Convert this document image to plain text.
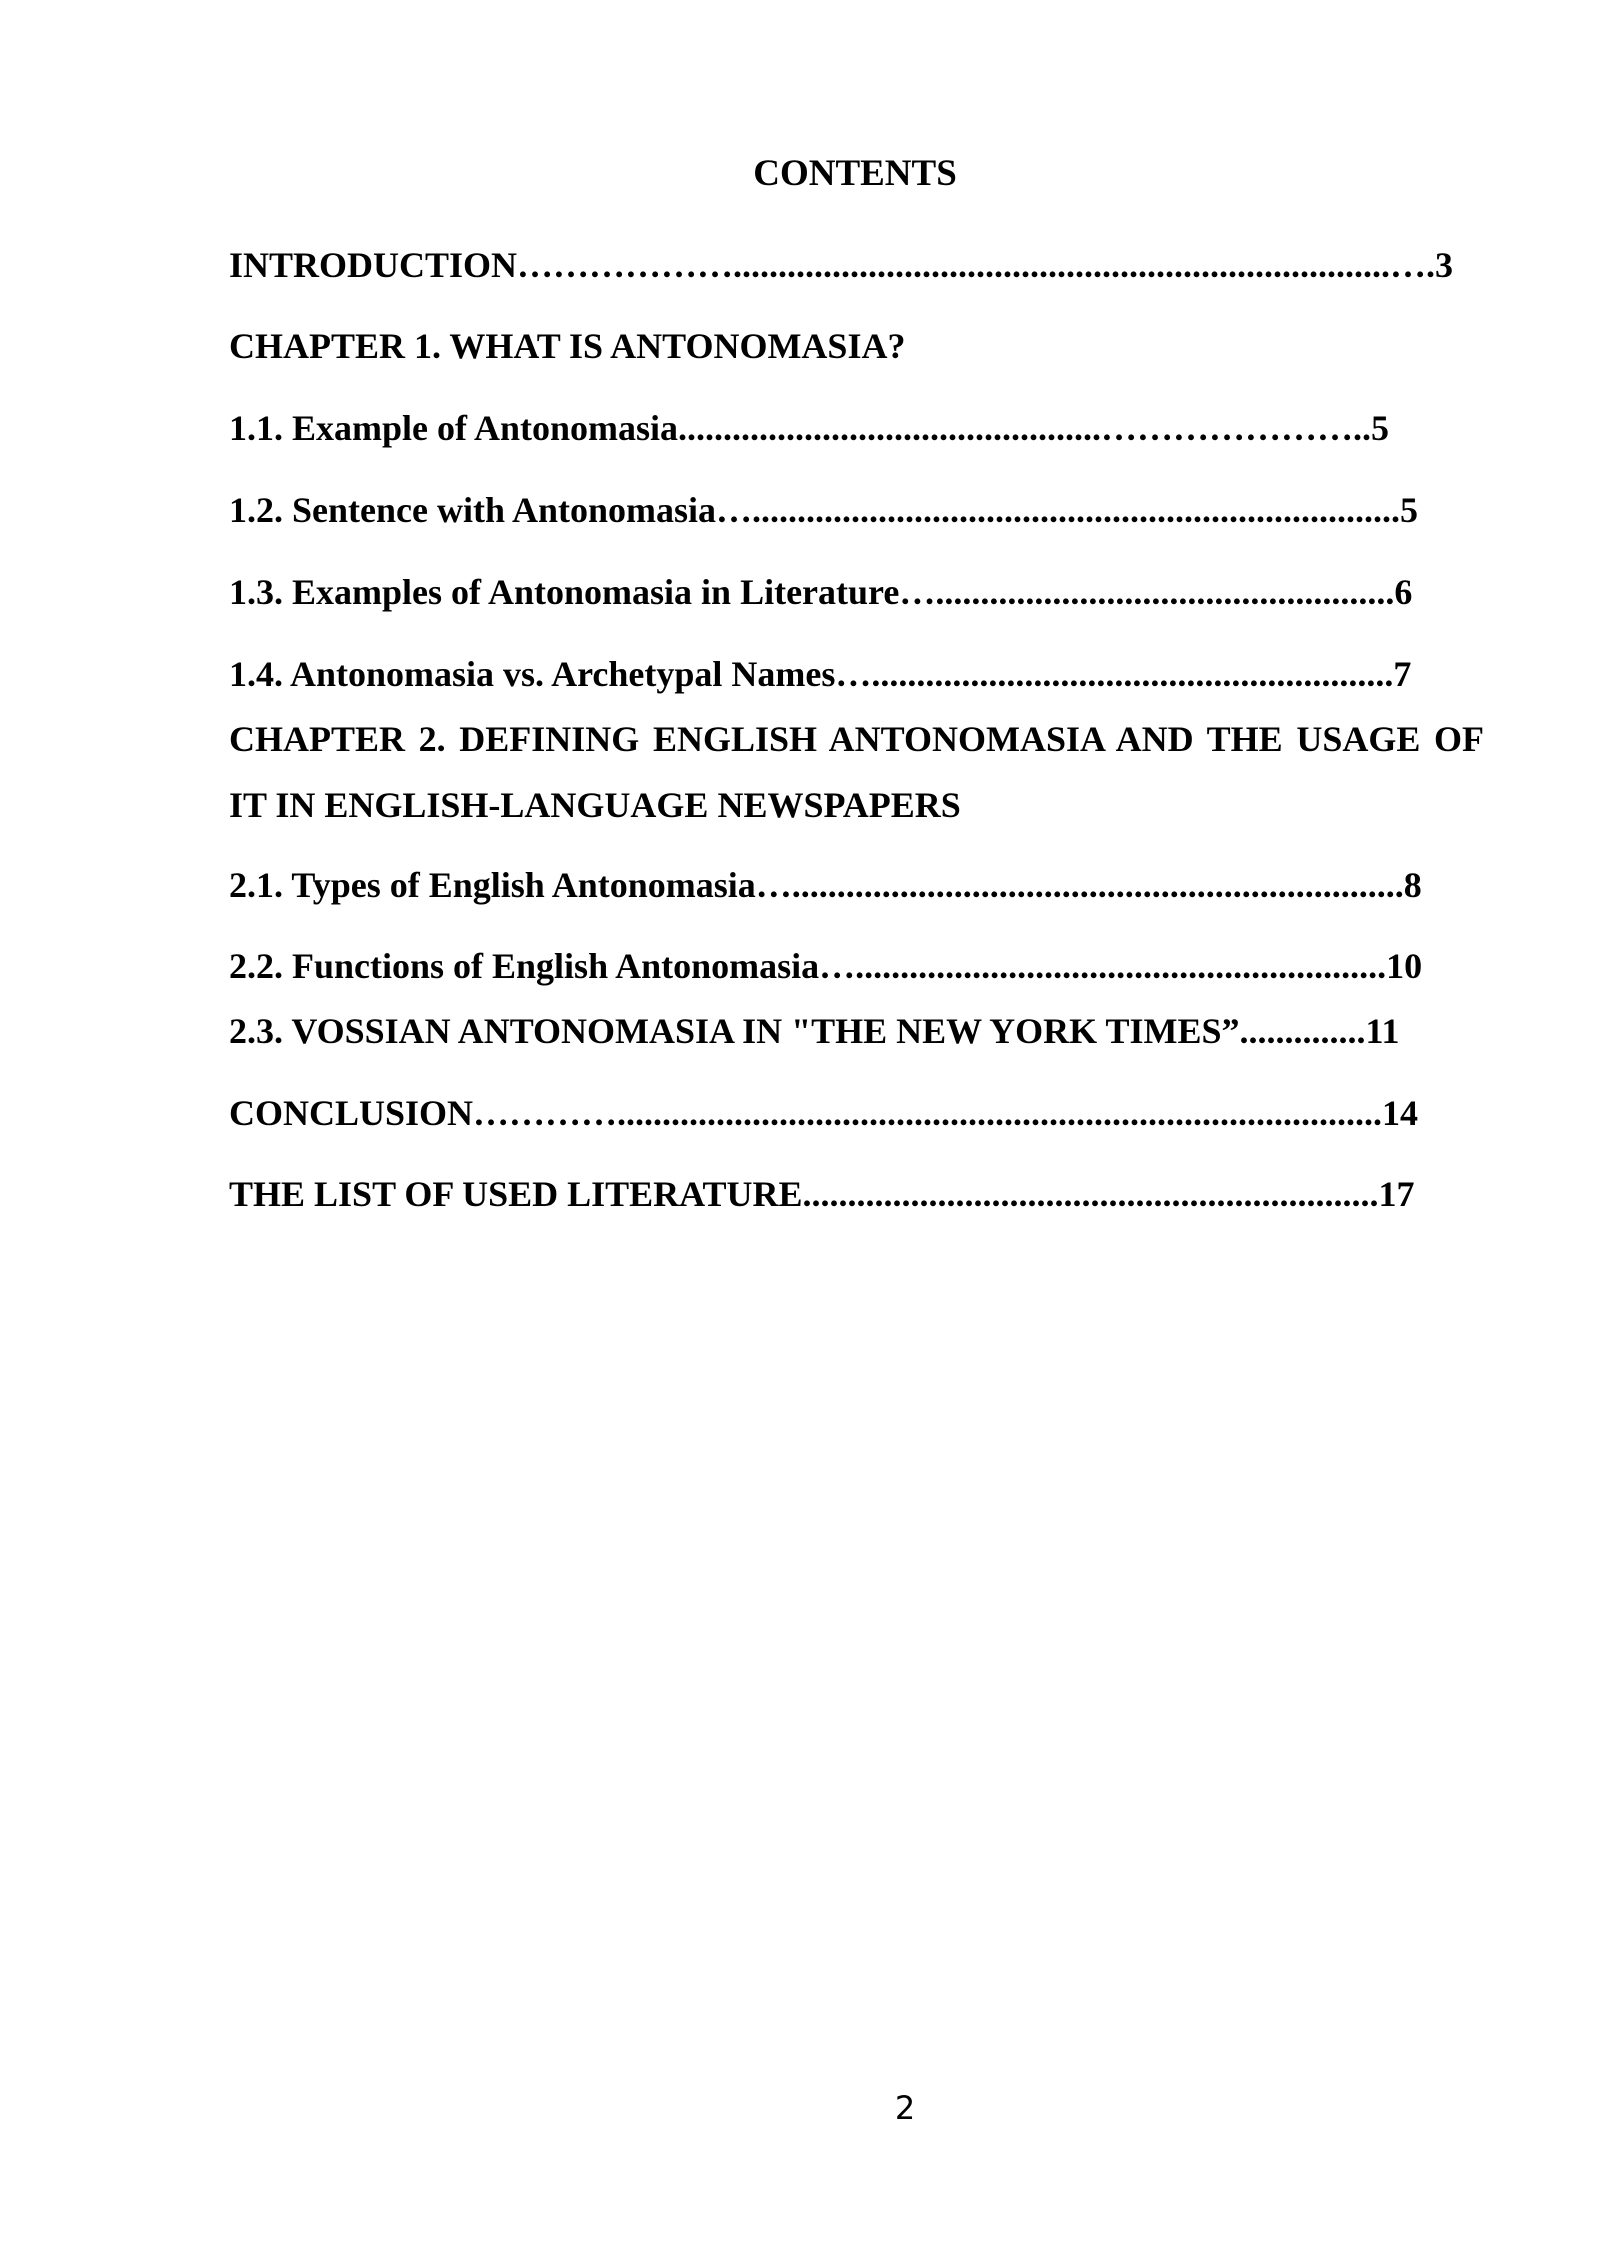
CONTENTS
INTRODUCTION……………….........................................................................….3
CHAPTER 1. WHAT IS ANTONOMASIA?
1.1. Example of Antonomasia...............................................…………………..5
1.2. Sentence with Antonomasia…........................................................................5
1.3. Examples of Antonomasia in Literature…...................................................6
1.4. Antonomasia vs. Archetypal Names…..........................................................7
CHAPTER 2. DEFINING ENGLISH ANTONOMASIA AND THE USAGE OF IT IN ENGLISH-LANGUAGE NEWSPAPERS
2.1. Types of English Antonomasia…....................................................................8
2.2. Functions of English Antonomasia…...........................................................10
2.3. VOSSIAN ANTONOMASIA IN "THE NEW YORK TIMES”..............11
CONCLUSION………….....................................................................................14
THE LIST OF USED LITERATURE................................................................17
2
